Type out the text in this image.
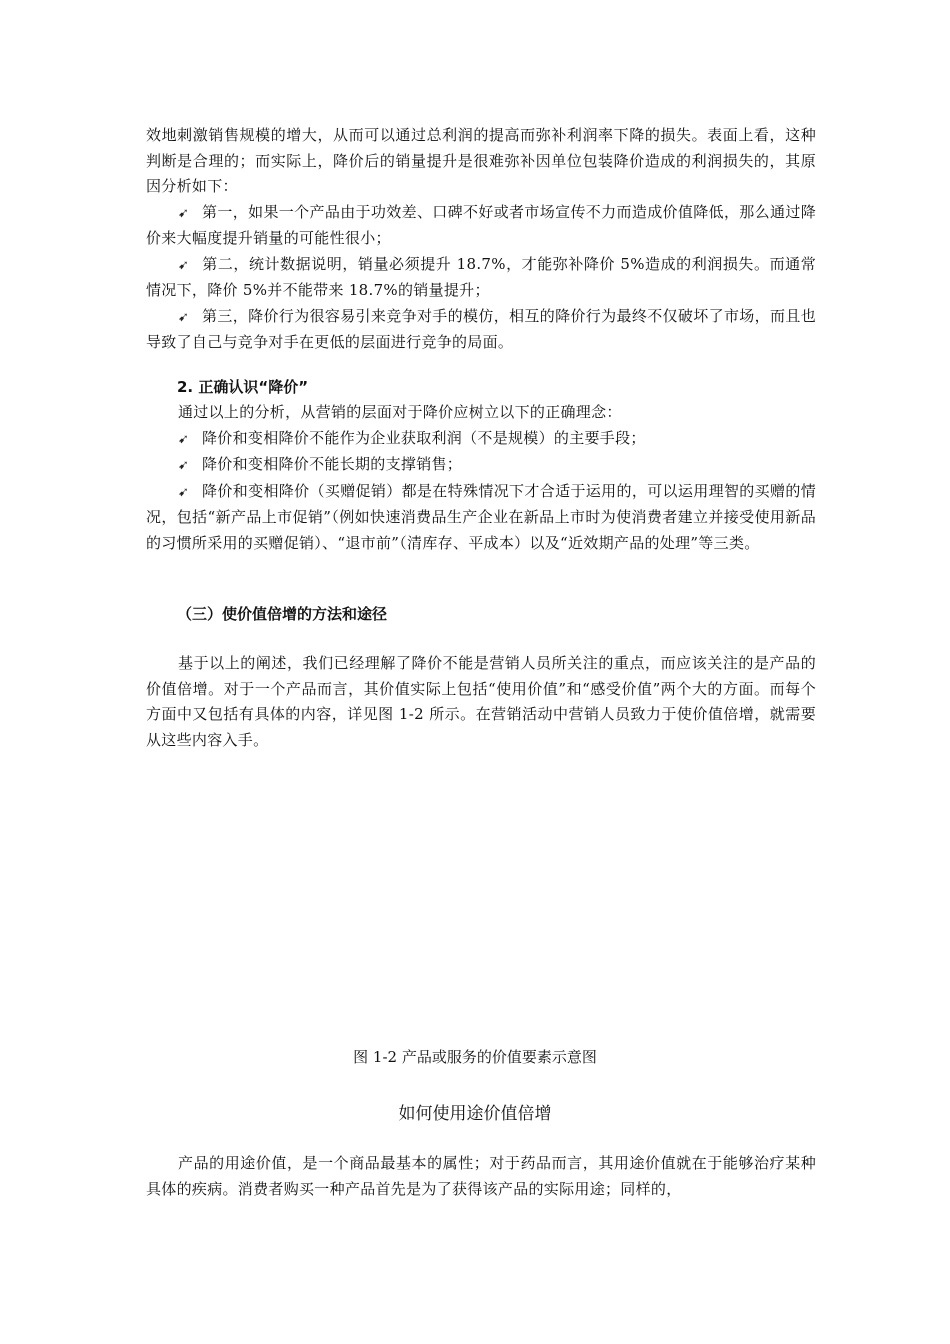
效地刺激销售规模的增大，从而可以通过总利润的提高而弥补利润率下降的损失。表面上看，这种判断是合理的；而实际上，降价后的销量提升是很难弥补因单位包装降价造成的利润损失的，其原因分析如下：

➹ 第一，如果一个产品由于功效差、口碑不好或者市场宣传不力而造成价值降低，那么通过降价来大幅度提升销量的可能性很小；

➹ 第二，统计数据说明，销量必须提升 18.7%，才能弥补降价 5%造成的利润损失。而通常情况下，降价 5%并不能带来 18.7%的销量提升；

➹ 第三，降价行为很容易引来竞争对手的模仿，相互的降价行为最终不仅破坏了市场，而且也导致了自己与竞争对手在更低的层面进行竞争的局面。

2. 正确认识“降价”

通过以上的分析，从营销的层面对于降价应树立以下的正确理念：

➹ 降价和变相降价不能作为企业获取利润（不是规模）的主要手段；

➹ 降价和变相降价不能长期的支撑销售；

➹ 降价和变相降价（买赠促销）都是在特殊情况下才合适于运用的，可以运用理智的买赠的情况，包括“新产品上市促销”（例如快速消费品生产企业在新品上市时为使消费者建立并接受使用新品的习惯所采用的买赠促销）、“退市前”（清库存、平成本）以及“近效期产品的处理”等三类。

（三）使价值倍增的方法和途径

基于以上的阐述，我们已经理解了降价不能是营销人员所关注的重点，而应该关注的是产品的价值倍增。对于一个产品而言，其价值实际上包括“使用价值”和“感受价值”两个大的方面。而每个方面中又包括有具体的内容，详见图 1-2 所示。在营销活动中营销人员致力于使价值倍增，就需要从这些内容入手。

图 1-2 产品或服务的价值要素示意图
如何使用途价值倍增

产品的用途价值，是一个商品最基本的属性；对于药品而言，其用途价值就在于能够治疗某种具体的疾病。消费者购买一种产品首先是为了获得该产品的实际用途；同样的，
